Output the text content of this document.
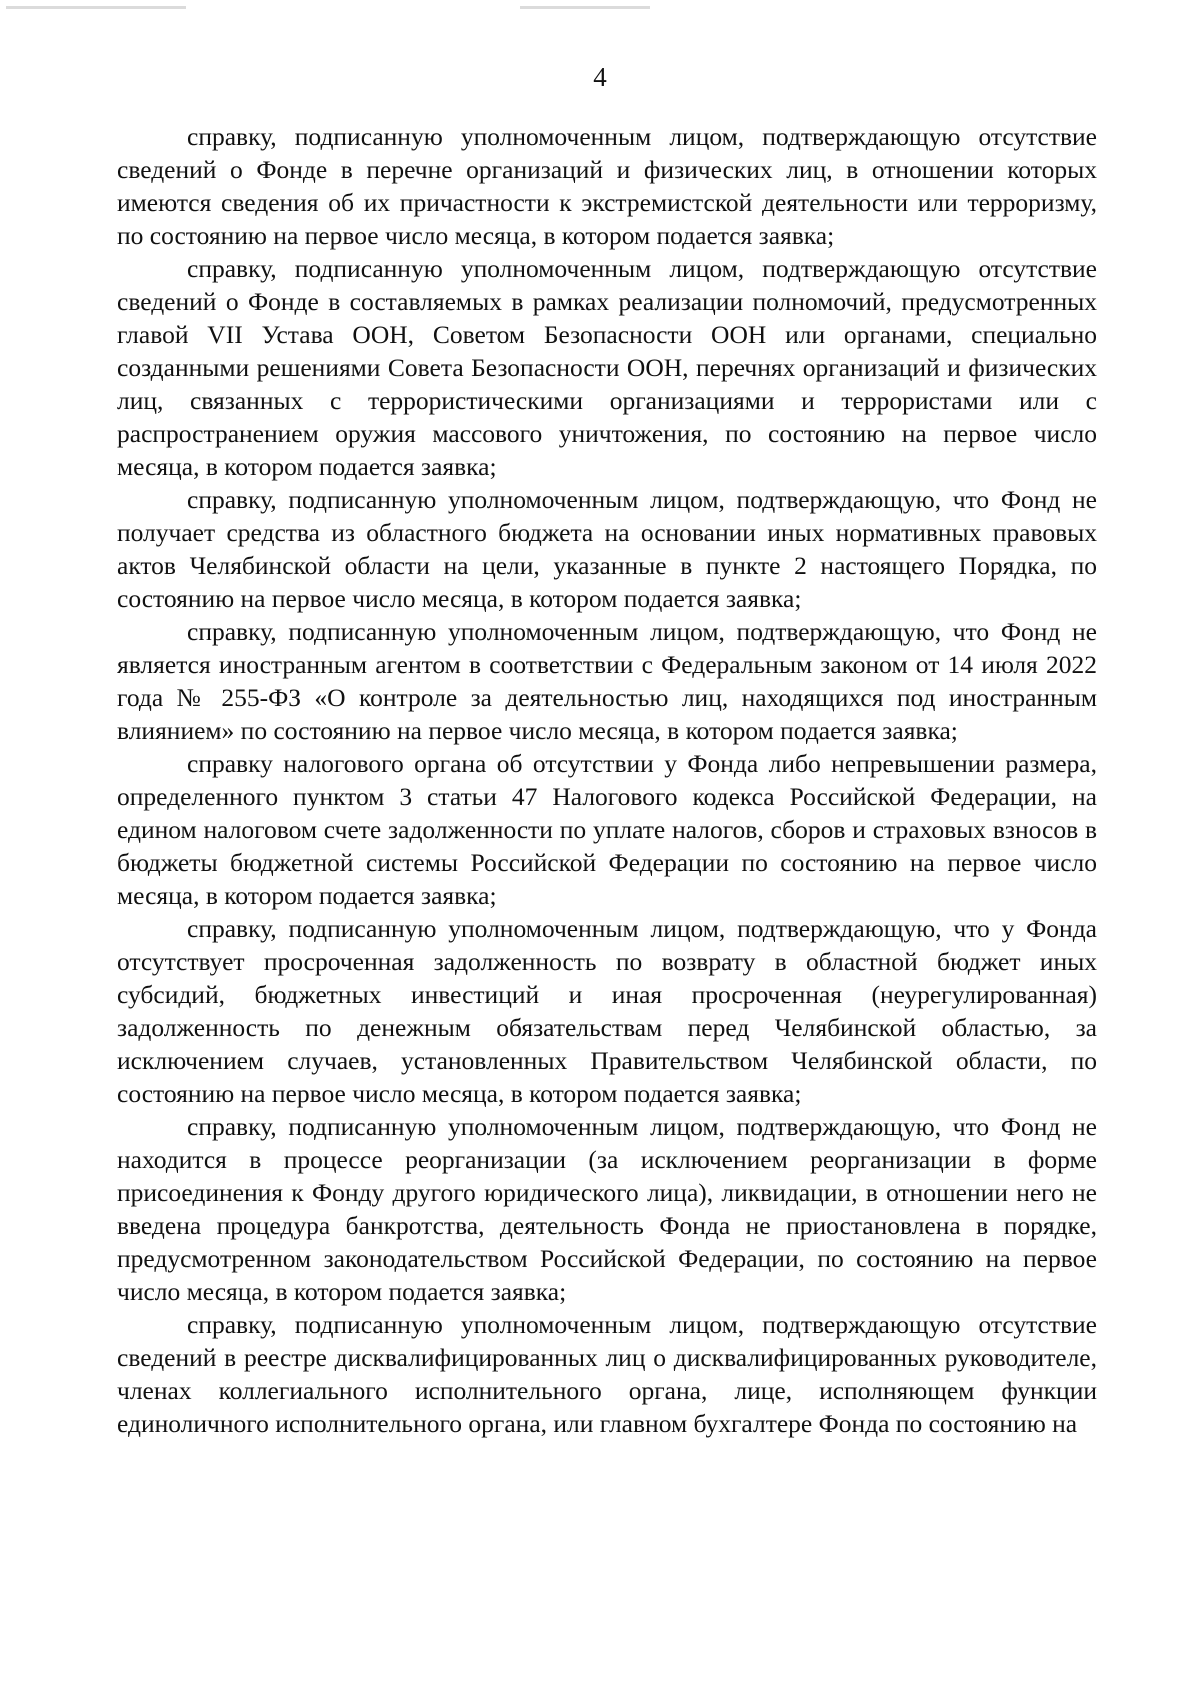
4

справку, подписанную уполномоченным лицом, подтверждающую отсутствие сведений о Фонде в перечне организаций и физических лиц, в отношении которых имеются сведения об их причастности к экстремистской деятельности или терроризму, по состоянию на первое число месяца, в котором подается заявка;

справку, подписанную уполномоченным лицом, подтверждающую отсутствие сведений о Фонде в составляемых в рамках реализации полномочий, предусмотренных главой VII Устава ООН, Советом Безопасности ООН или органами, специально созданными решениями Совета Безопасности ООН, перечнях организаций и физических лиц, связанных с террористическими организациями и террористами или с распространением оружия массового уничтожения, по состоянию на первое число месяца, в котором подается заявка;

справку, подписанную уполномоченным лицом, подтверждающую, что Фонд не получает средства из областного бюджета на основании иных нормативных правовых актов Челябинской области на цели, указанные в пункте 2 настоящего Порядка, по состоянию на первое число месяца, в котором подается заявка;

справку, подписанную уполномоченным лицом, подтверждающую, что Фонд не является иностранным агентом в соответствии с Федеральным законом от 14 июля 2022 года № 255-ФЗ «О контроле за деятельностью лиц, находящихся под иностранным влиянием» по состоянию на первое число месяца, в котором подается заявка;

справку налогового органа об отсутствии у Фонда либо непревышении размера, определенного пунктом 3 статьи 47 Налогового кодекса Российской Федерации, на едином налоговом счете задолженности по уплате налогов, сборов и страховых взносов в бюджеты бюджетной системы Российской Федерации по состоянию на первое число месяца, в котором подается заявка;

справку, подписанную уполномоченным лицом, подтверждающую, что у Фонда отсутствует просроченная задолженность по возврату в областной бюджет иных субсидий, бюджетных инвестиций и иная просроченная (неурегулированная) задолженность по денежным обязательствам перед Челябинской областью, за исключением случаев, установленных Правительством Челябинской области, по состоянию на первое число месяца, в котором подается заявка;

справку, подписанную уполномоченным лицом, подтверждающую, что Фонд не находится в процессе реорганизации (за исключением реорганизации в форме присоединения к Фонду другого юридического лица), ликвидации, в отношении него не введена процедура банкротства, деятельность Фонда не приостановлена в порядке, предусмотренном законодательством Российской Федерации, по состоянию на первое число месяца, в котором подается заявка;

справку, подписанную уполномоченным лицом, подтверждающую отсутствие сведений в реестре дисквалифицированных лиц о дисквалифицированных руководителе, членах коллегиального исполнительного органа, лице, исполняющем функции единоличного исполнительного органа, или главном бухгалтере Фонда по состоянию на
